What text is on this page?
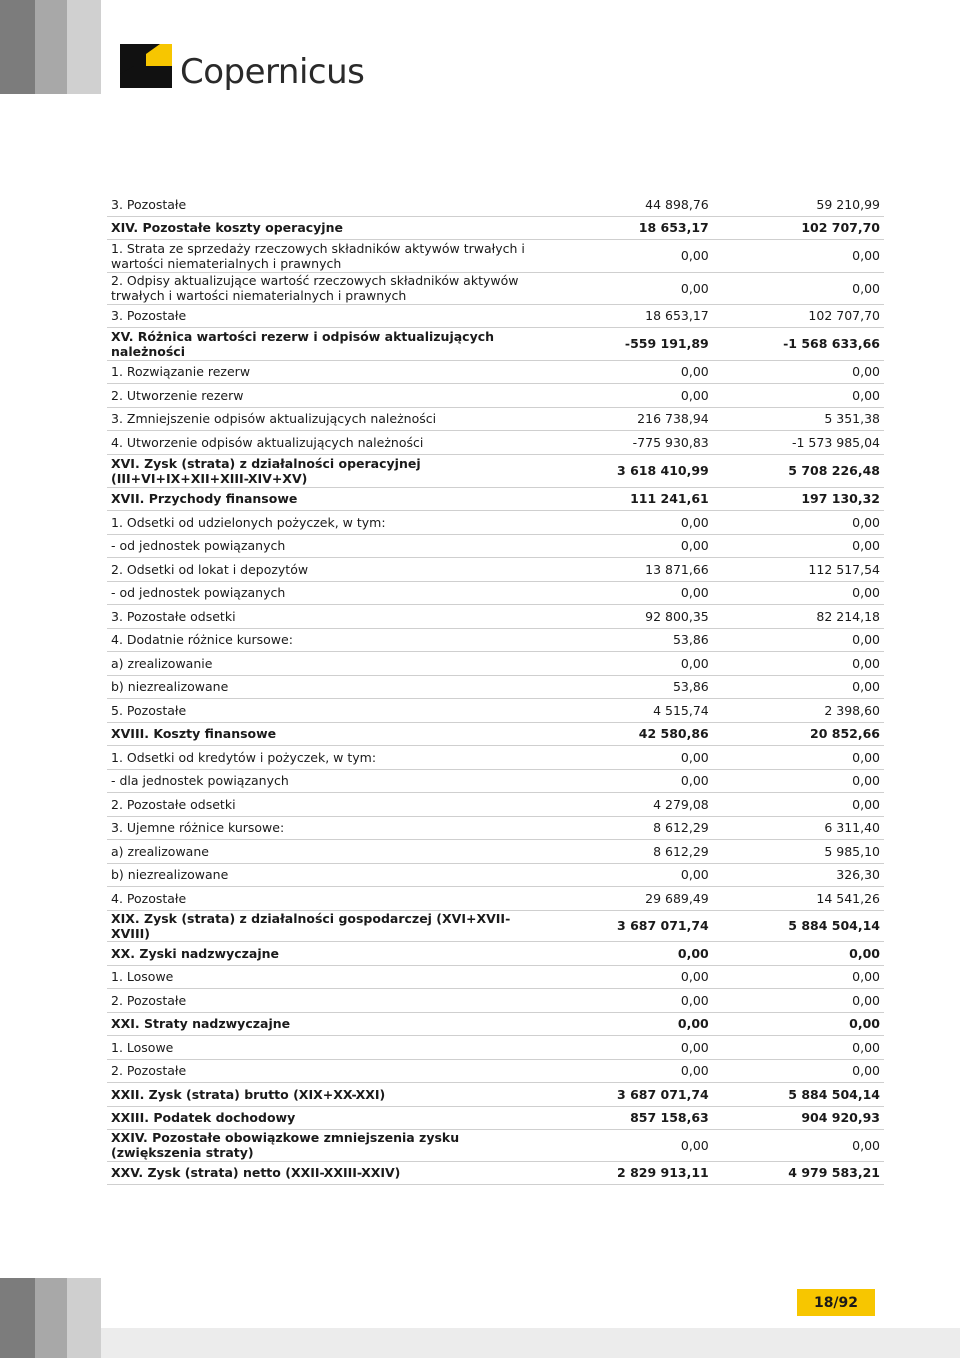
Copernicus
3. Pozostałe	44 898,76	59 210,99
XIV. Pozostałe koszty operacyjne	18 653,17	102 707,70
1. Strata ze sprzedaży rzeczowych składników aktywów trwałych i wartości niematerialnych i prawnych	0,00	0,00
2. Odpisy aktualizujące wartość rzeczowych składników aktywów trwałych i wartości niematerialnych i prawnych	0,00	0,00
3. Pozostałe	18 653,17	102 707,70
XV. Różnica wartości rezerw i odpisów aktualizujących należności	-559 191,89	-1 568 633,66
1. Rozwiązanie rezerw	0,00	0,00
2. Utworzenie rezerw	0,00	0,00
3. Zmniejszenie odpisów aktualizujących należności	216 738,94	5 351,38
4. Utworzenie odpisów aktualizujących należności	-775 930,83	-1 573 985,04
XVI. Zysk (strata) z działalności operacyjnej (III+VI+IX+XII+XIII-XIV+XV)	3 618 410,99	5 708 226,48
XVII. Przychody finansowe	111 241,61	197 130,32
1. Odsetki od udzielonych pożyczek, w tym:	0,00	0,00
- od jednostek powiązanych	0,00	0,00
2. Odsetki od lokat i depozytów	13 871,66	112 517,54
- od jednostek powiązanych	0,00	0,00
3. Pozostałe odsetki	92 800,35	82 214,18
4. Dodatnie różnice kursowe:	53,86	0,00
a) zrealizowanie	0,00	0,00
b) niezrealizowane	53,86	0,00
5. Pozostałe	4 515,74	2 398,60
XVIII. Koszty finansowe	42 580,86	20 852,66
1. Odsetki od kredytów i pożyczek, w tym:	0,00	0,00
- dla jednostek powiązanych	0,00	0,00
2. Pozostałe odsetki	4 279,08	0,00
3. Ujemne różnice kursowe:	8 612,29	6 311,40
a) zrealizowane	8 612,29	5 985,10
b) niezrealizowane	0,00	326,30
4. Pozostałe	29 689,49	14 541,26
XIX. Zysk (strata) z działalności gospodarczej (XVI+XVII-XVIII)	3 687 071,74	5 884 504,14
XX. Zyski nadzwyczajne	0,00	0,00
1. Losowe	0,00	0,00
2. Pozostałe	0,00	0,00
XXI. Straty nadzwyczajne	0,00	0,00
1. Losowe	0,00	0,00
2. Pozostałe	0,00	0,00
XXII. Zysk (strata) brutto (XIX+XX-XXI)	3 687 071,74	5 884 504,14
XXIII. Podatek dochodowy	857 158,63	904 920,93
XXIV. Pozostałe obowiązkowe zmniejszenia zysku (zwiększenia straty)	0,00	0,00
XXV. Zysk (strata) netto (XXII-XXIII-XXIV)	2 829 913,11	4 979 583,21
18/92
